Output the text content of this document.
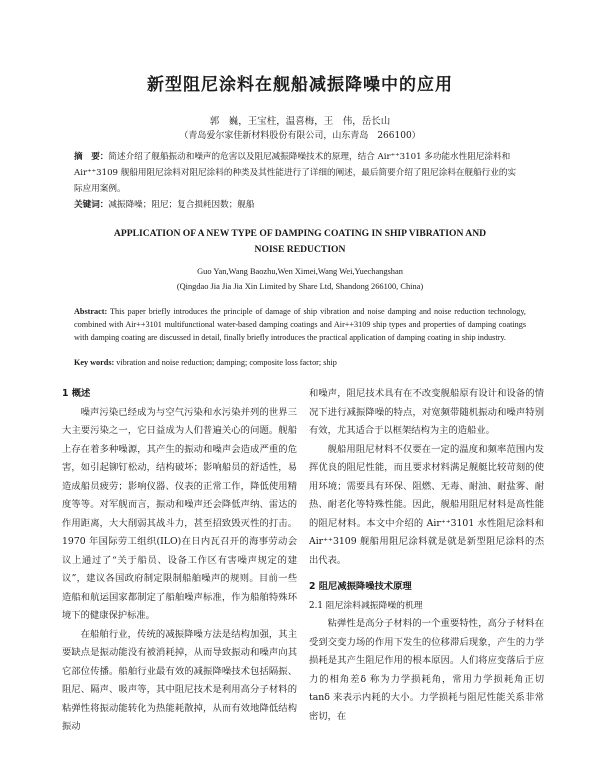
新型阻尼涂料在舰船减振降噪中的应用
郭　巍，王宝柱，温喜梅，王　伟，岳长山
（青岛爱尔家佳新材料股份有限公司，山东青岛　266100）
摘　要：简述介绍了舰船振动和噪声的危害以及阻尼减振降噪技术的原理，结合 Air⁺⁺3101 多功能水性阻尼涂料和 Air⁺⁺3109 舰船用阻尼涂料对阻尼涂料的种类及其性能进行了详细的阐述，最后简要介绍了阻尼涂料在舰船行业的实际应用案例。
关键词：减振降噪；阻尼；复合损耗因数；舰船
APPLICATION OF A NEW TYPE OF DAMPING COATING IN SHIP VIBRATION AND
NOISE REDUCTION
Guo Yan,Wang Baozhu,Wen Ximei,Wang Wei,Yuechangshan
(Qingdao Jia Jia Jia Xin Limited by Share Ltd, Shandong 266100, China)
Abstract: This paper briefly introduces the principle of damage of ship vibration and noise damping and noise reduction technology, combined with Air++3101 multifunctional water-based damping coatings and Air++3109 ship types and properties of damping coatings with damping coating are discussed in detail, finally briefly introduces the practical application of damping coating in ship industry.
Key words: vibration and noise reduction; damping; composite loss factor; ship
1 概述

噪声污染已经成为与空气污染和水污染并列的世界三大主要污染之一，它日益成为人们普遍关心的问题。舰船上存在着多种噪源，其产生的振动和噪声会造成严重的危害，如引起铆钉松动，结构破坏；影响船员的舒适性，易造成船员疲劳；影响仪器、仪表的正常工作，降低使用精度等等。对军舰而言，振动和噪声还会降低声纳、雷达的作用距离，大大削弱其战斗力，甚至招致毁灭性的打击。1970 年国际劳工组织(ILO)在日内瓦召开的海事劳动会议上通过了“关于船员、设备工作区有害噪声规定的建议”，建议各国政府制定限制船舶噪声的规则。目前一些造船和航运国家都制定了船舶噪声标准，作为船舶特殊环境下的健康保护标准。

在船舶行业，传统的减振降噪方法是结构加强，其主要缺点是振动能没有被消耗掉，从而导致振动和噪声向其它部位传播。船舶行业最有效的减振降噪技术包括隔振、阻尼、隔声、吸声等，其中阻尼技术是利用高分子材料的粘弹性将振动能转化为热能耗散掉，从而有效地降低结构振动

和噪声，阻尼技术具有在不改变舰船原有设计和设备的情况下进行减振降噪的特点，对宽频带随机振动和噪声特别有效，尤其适合于以框架结构为主的造船业。

舰船用阻尼材料不仅要在一定的温度和频率范围内发挥优良的阻尼性能，而且要求材料满足舰艇比较苛刻的使用环境；需要具有环保、阻燃、无毒、耐油、耐盐雾、耐热、耐老化等特殊性能。因此，舰船用阻尼材料是高性能的阻尼材料。本文中介绍的 Air⁺⁺3101 水性阻尼涂料和 Air⁺⁺3109 舰船用阻尼涂料就是就是新型阻尼涂料的杰出代表。

2 阻尼减振降噪技术原理
2.1 阻尼涂料减振降噪的机理

粘弹性是高分子材料的一个重要特性，高分子材料在受到交变力场的作用下发生的位移滞后现象，产生的力学损耗是其产生阻尼作用的根本原因。人们将应变落后于应力的相角差δ 称为力学损耗角，常用力学损耗角正切 tanδ 来表示内耗的大小。力学损耗与阻尼性能关系非常密切，在
